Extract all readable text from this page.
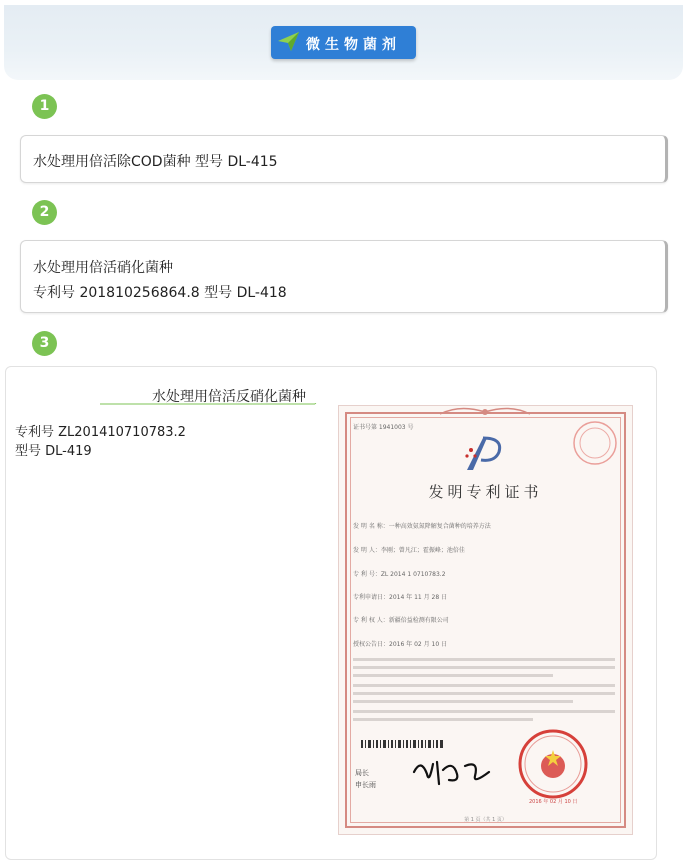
微生物菌剂
1
水处理用倍活除COD菌种 型号 DL-415
2
水处理用倍活硝化菌种
专利号 201810256864.8 型号 DL-418
3
水处理用倍活反硝化菌种
专利号 ZL201410710783.2
型号 DL-419
证书号第 1941003 号
发明专利证书
发 明 名 称：一种高效氨氮降解复合菌种的培养方法
发 明 人：李刚；曾凡江；霍振峰；池倍佳
专 利 号：ZL 2014 1 0710783.2
专利申请日：2014 年 11 月 28 日
专 利 权 人：新疆倍益检测有限公司
授权公告日：2016 年 02 月 10 日
局长
申长雨
2016 年 02 月 10 日
第 1 页（共 1 页）
